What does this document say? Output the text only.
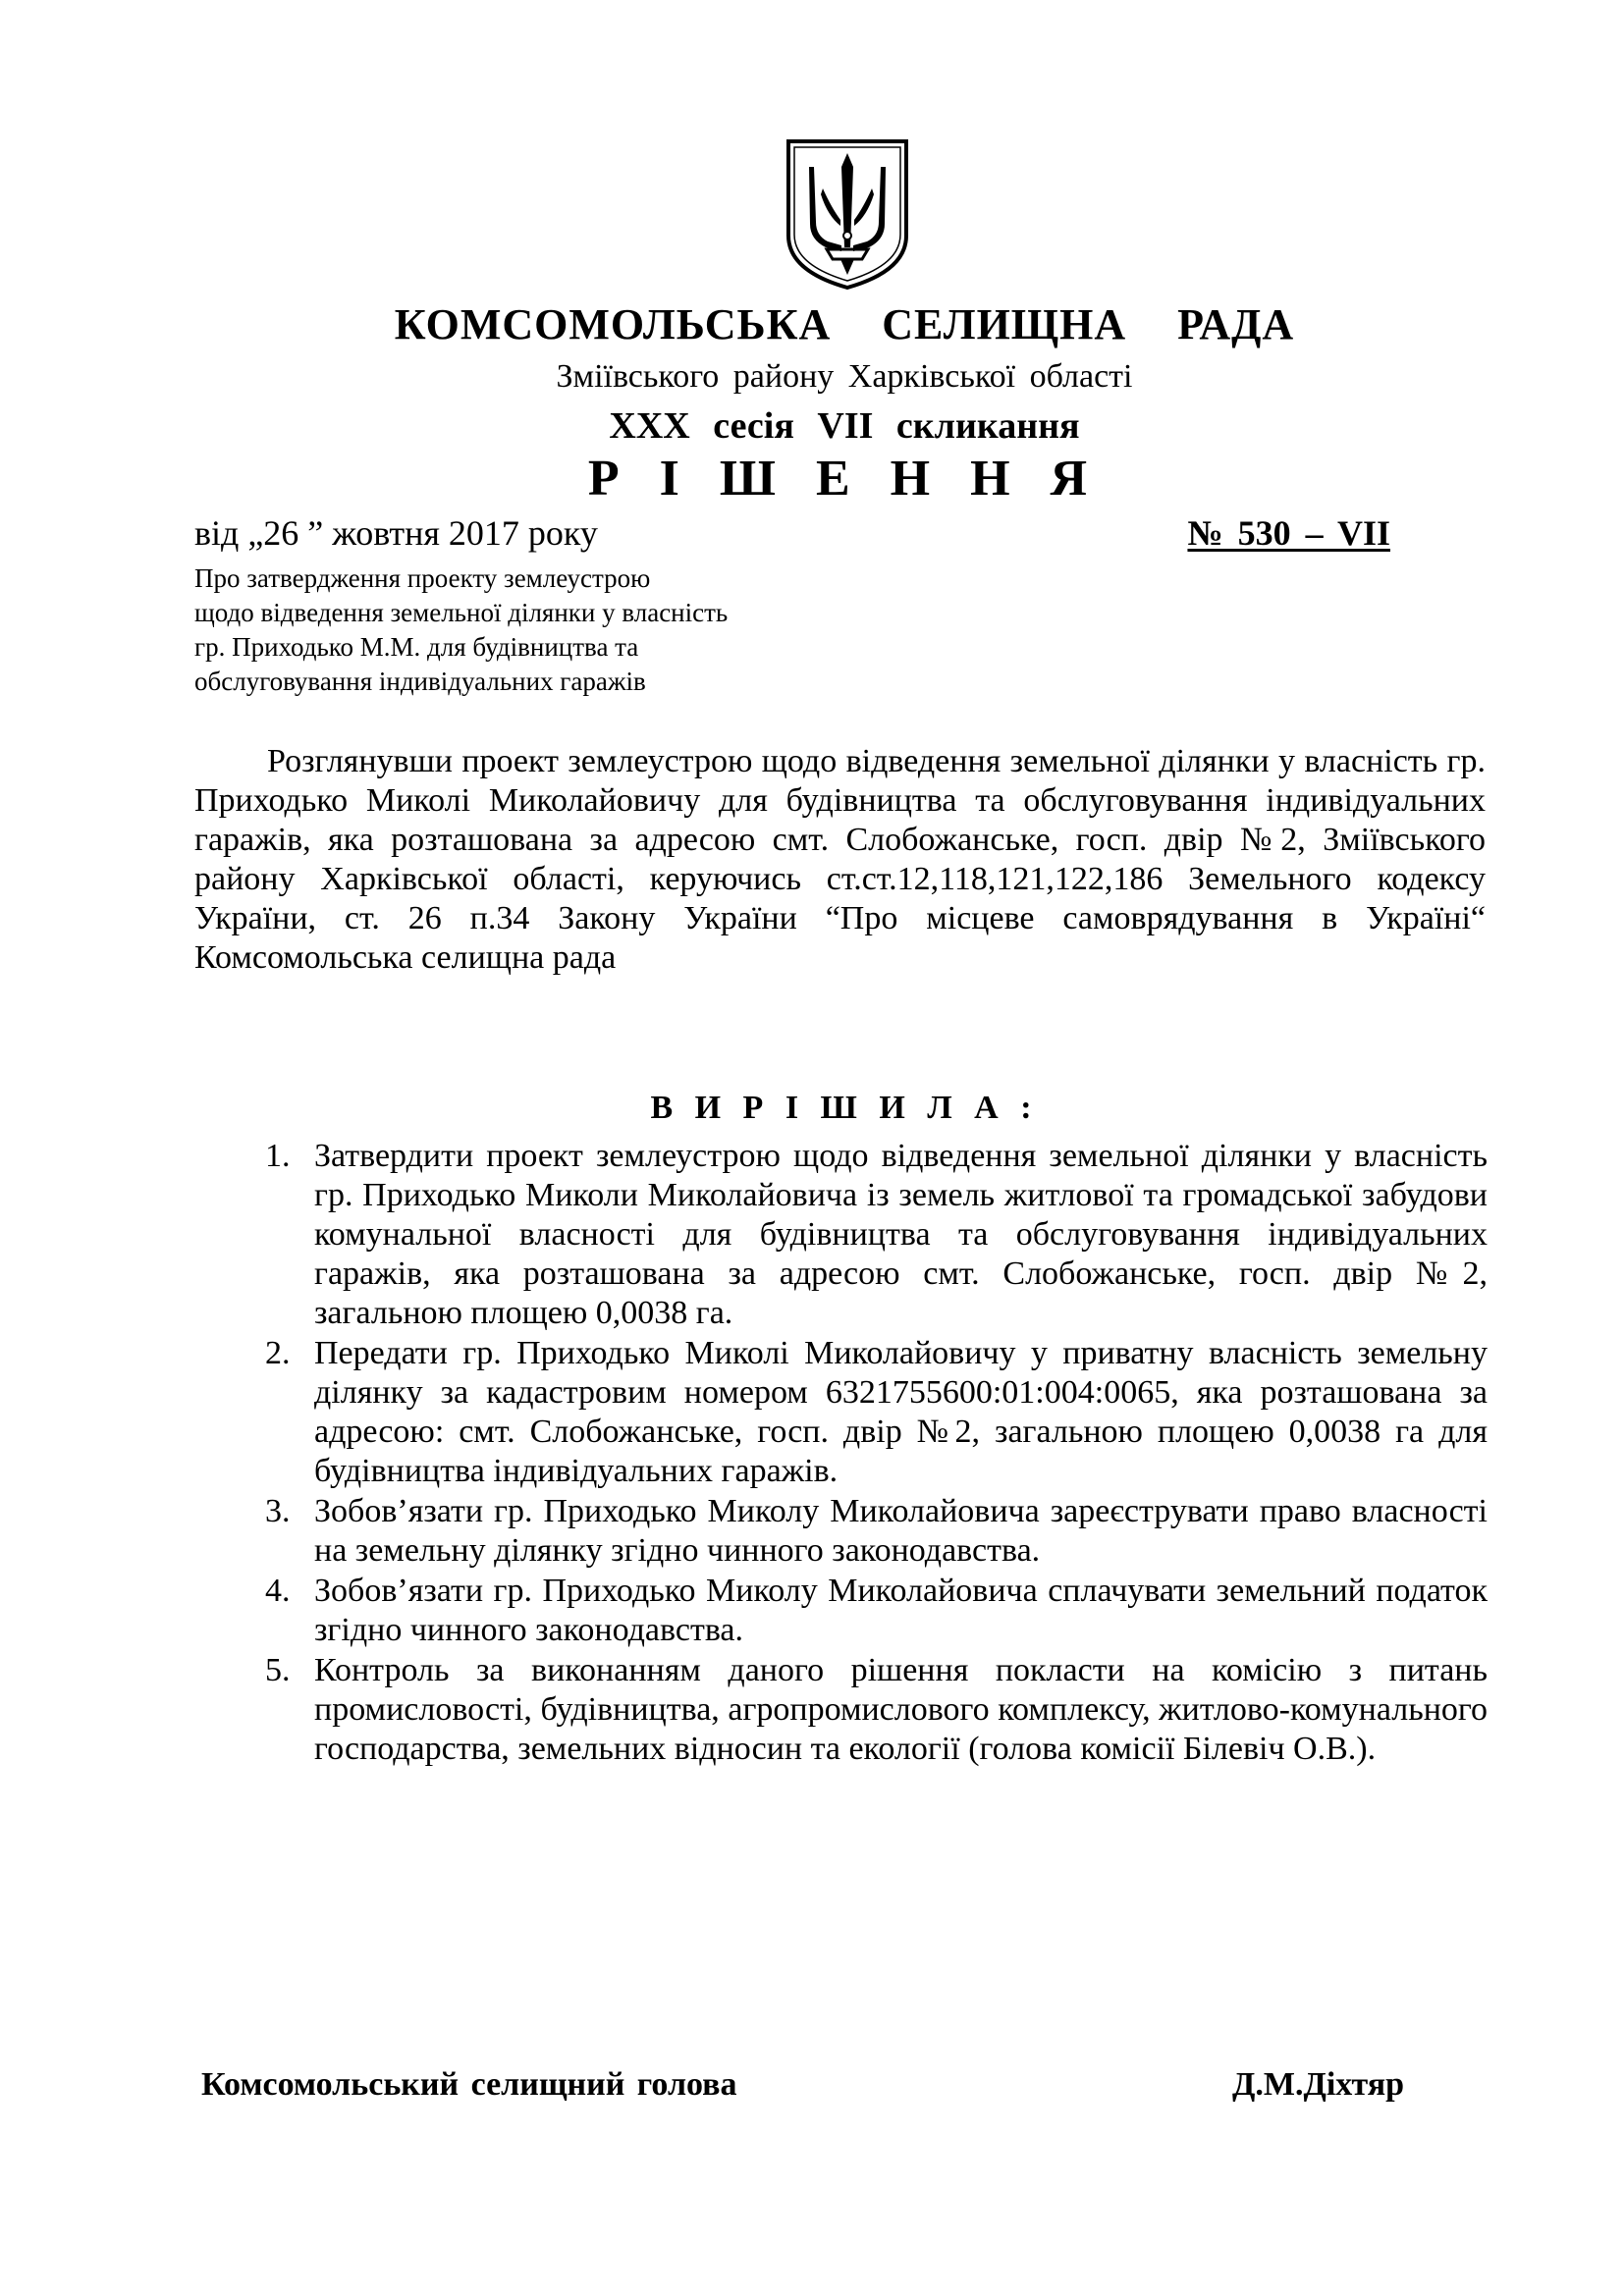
КОМСОМОЛЬСЬКА СЕЛИЩНА РАДА

Зміївського району Харківської області

XXX сесія VII скликання

Р І Ш Е Н Н Я
від „26 ” жовтня 2017 року	№ 530 – VII
Про затвердження проекту землеустрою
щодо відведення земельної ділянки у власність
гр. Приходько М.М. для будівництва та
обслуговування індивідуальних гаражів

Розглянувши проект землеустрою щодо відведення земельної ділянки у власність гр. Приходько Миколі Миколайовичу для будівництва та обслуговування індивідуальних гаражів, яка розташована за адресою смт. Слобожанське, госп. двір №2, Зміївського району Харківської області, керуючись ст.ст.12,118,121,122,186 Земельного кодексу України, ст. 26 п.34 Закону України “Про місцеве самоврядування в Україні“ Комсомольська селищна рада

В И Р І Ш И Л А :
1. Затвердити проект землеустрою щодо відведення земельної ділянки у власність гр. Приходько Миколи Миколайовича із земель житлової та громадської забудови комунальної власності для будівництва та обслуговування індивідуальних гаражів, яка розташована за адресою смт. Слобожанське, госп. двір №2, загальною площею 0,0038 га.
2. Передати гр. Приходько Миколі Миколайовичу у приватну власність земельну ділянку за кадастровим номером 6321755600:01:004:0065, яка розташована за адресою: смт. Слобожанське, госп. двір №2, загальною площею 0,0038 га для будівництва індивідуальних гаражів.
3. Зобов’язати гр. Приходько Миколу Миколайовича зареєструвати право власності на земельну ділянку згідно чинного законодавства.
4. Зобов’язати гр. Приходько Миколу Миколайовича сплачувати земельний податок згідно чинного законодавства.
5. Контроль за виконанням даного рішення покласти на комісію з питань промисловості, будівництва, агропромислового комплексу, житлово-комунального господарства, земельних відносин та екології (голова комісії Білевіч О.В.).
Комсомольський селищний голова	Д.М.Діхтяр
